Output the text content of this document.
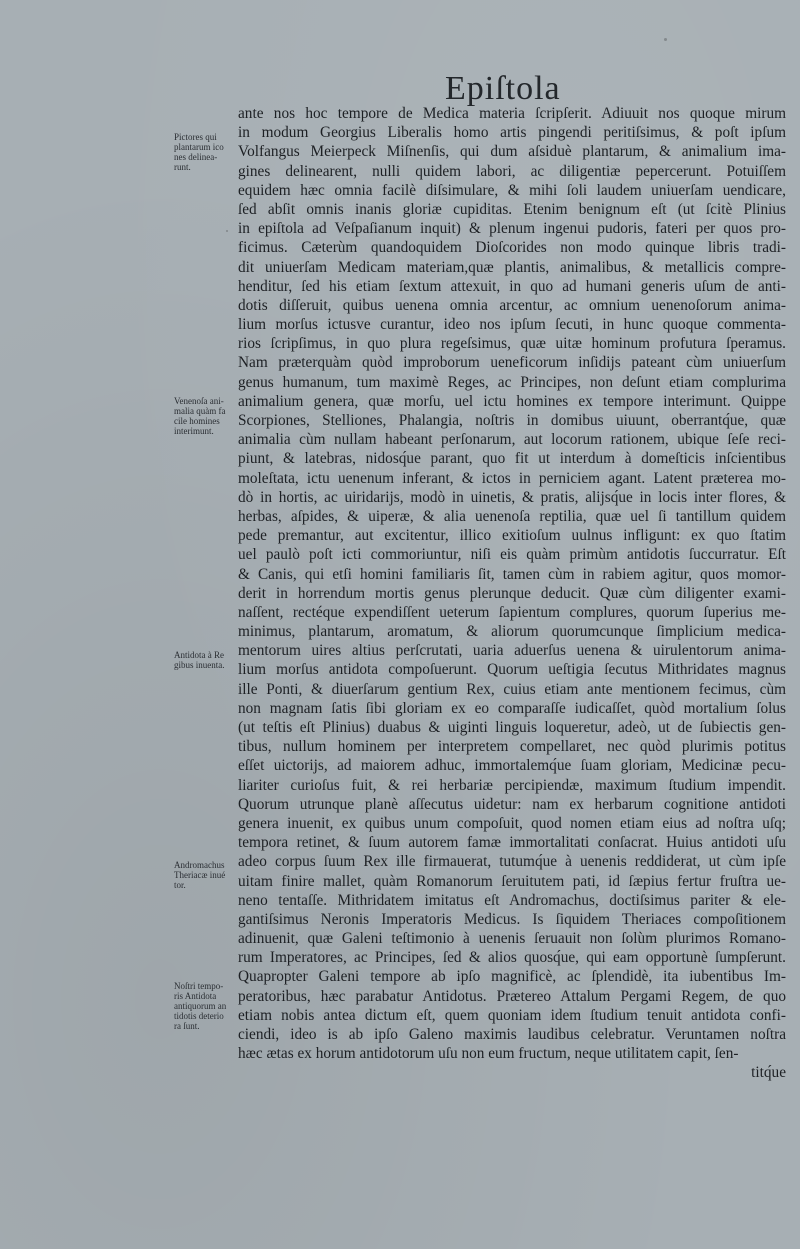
Epiſtola
ante nos hoc tempore de Medica materia ſcripſerit. Adiuuit nos quoque mirum
in modum Georgius Liberalis homo artis pingendi peritiſsimus, & poſt ipſum
Volfangus Meierpeck Miſnenſis, qui dum aſsiduè plantarum, & animalium ima-
gines delinearent, nulli quidem labori, ac diligentiæ pepercerunt. Potuiſſem
equidem hæc omnia facilè diſsimulare, & mihi ſoli laudem uniuerſam uendicare,
ſed abſit omnis inanis gloriæ cupiditas. Etenim benignum eſt (ut ſcitè Plinius
in epiſtola ad Veſpaſianum inquit) & plenum ingenui pudoris, fateri per quos pro-
ficimus. Cæterùm quandoquidem Dioſcorides non modo quinque libris tradi-
dit uniuerſam Medicam materiam,quæ plantis, animalibus, & metallicis compre-
henditur, ſed his etiam ſextum attexuit, in quo ad humani generis uſum de anti-
dotis diſſeruit, quibus uenena omnia arcentur, ac omnium uenenoſorum anima-
lium morſus ictusve curantur, ideo nos ipſum ſecuti, in hunc quoque commenta-
rios ſcripſimus, in quo plura regeſsimus, quæ uitæ hominum profutura ſperamus.
Nam præterquàm quòd improborum ueneficorum inſidijs pateant cùm uniuerſum
genus humanum, tum maximè Reges, ac Principes, non deſunt etiam complurima
animalium genera, quæ morſu, uel ictu homines ex tempore interimunt. Quippe
Scorpiones, Stelliones, Phalangia, noſtris in domibus uiuunt, oberrantq́ue, quæ
animalia cùm nullam habeant perſonarum, aut locorum rationem, ubique ſeſe reci-
piunt, & latebras, nidosq́ue parant, quo fit ut interdum à domeſticis inſcientibus
moleſtata, ictu uenenum inferant, & ictos in perniciem agant. Latent præterea mo-
dò in hortis, ac uiridarijs, modò in uinetis, & pratis, alijsq́ue in locis inter flores, &
herbas, aſpides, & uiperæ, & alia uenenoſa reptilia, quæ uel ſi tantillum quidem
pede premantur, aut excitentur, illico exitioſum uulnus infligunt: ex quo ſtatim
uel paulò poſt icti commoriuntur, niſi eis quàm primùm antidotis ſuccurratur. Eſt
& Canis, qui etſi homini familiaris ſit, tamen cùm in rabiem agitur, quos momor-
derit in horrendum mortis genus plerunque deducit. Quæ cùm diligenter exami-
naſſent, rectéque expendiſſent ueterum ſapientum complures, quorum ſuperius me-
minimus, plantarum, aromatum, & aliorum quorumcunque ſimplicium medica-
mentorum uires altius perſcrutati, uaria aduerſus uenena & uirulentorum anima-
lium morſus antidota compoſuerunt. Quorum ueſtigia ſecutus Mithridates magnus
ille Ponti, & diuerſarum gentium Rex, cuius etiam ante mentionem fecimus, cùm
non magnam ſatis ſibi gloriam ex eo comparaſſe iudicaſſet, quòd mortalium ſolus
(ut teſtis eſt Plinius) duabus & uiginti linguis loqueretur, adeò, ut de ſubiectis gen-
tibus, nullum hominem per interpretem compellaret, nec quòd plurimis potitus
eſſet uictorijs, ad maiorem adhuc, immortalemq́ue ſuam gloriam, Medicinæ pecu-
liariter curioſus fuit, & rei herbariæ percipiendæ, maximum ſtudium impendit.
Quorum utrunque planè aſſecutus uidetur: nam ex herbarum cognitione antidoti
genera inuenit, ex quibus unum compoſuit, quod nomen etiam eius ad noſtra uſq;
tempora retinet, & ſuum autorem famæ immortalitati conſacrat. Huius antidoti uſu
adeo corpus ſuum Rex ille firmauerat, tutumq́ue à uenenis reddiderat, ut cùm ipſe
uitam finire mallet, quàm Romanorum ſeruitutem pati, id ſæpius fertur fruſtra ue-
neno tentaſſe. Mithridatem imitatus eſt Andromachus, doctiſsimus pariter & ele-
gantiſsimus Neronis Imperatoris Medicus. Is ſiquidem Theriaces compoſitionem
adinuenit, quæ Galeni teſtimonio à uenenis ſeruauit non ſolùm plurimos Romano-
rum Imperatores, ac Principes, ſed & alios quosq́ue, qui eam opportunè ſumpſerunt.
Quapropter Galeni tempore ab ipſo magnificè, ac ſplendidè, ita iubentibus Im-
peratoribus, hæc parabatur Antidotus. Prætereo Attalum Pergami Regem, de quo
etiam nobis antea dictum eſt, quem quoniam idem ſtudium tenuit antidota confi-
ciendi, ideo is ab ipſo Galeno maximis laudibus celebratur. Veruntamen noſtra
hæc ætas ex horum antidotorum uſu non eum fructum, neque utilitatem capit, ſen-
titq́ue
Pictores qui
plantarum ico
nes delinea-
runt.
Venenoſa ani-
malia quàm fa
cile homines
interimunt.
Antidota à Re
gibus inuenta.
Andromachus
Theriacæ inué
tor.
Noſtri tempo-
ris Antidota
antiquorum an
tidotis deterio
ra ſunt.
